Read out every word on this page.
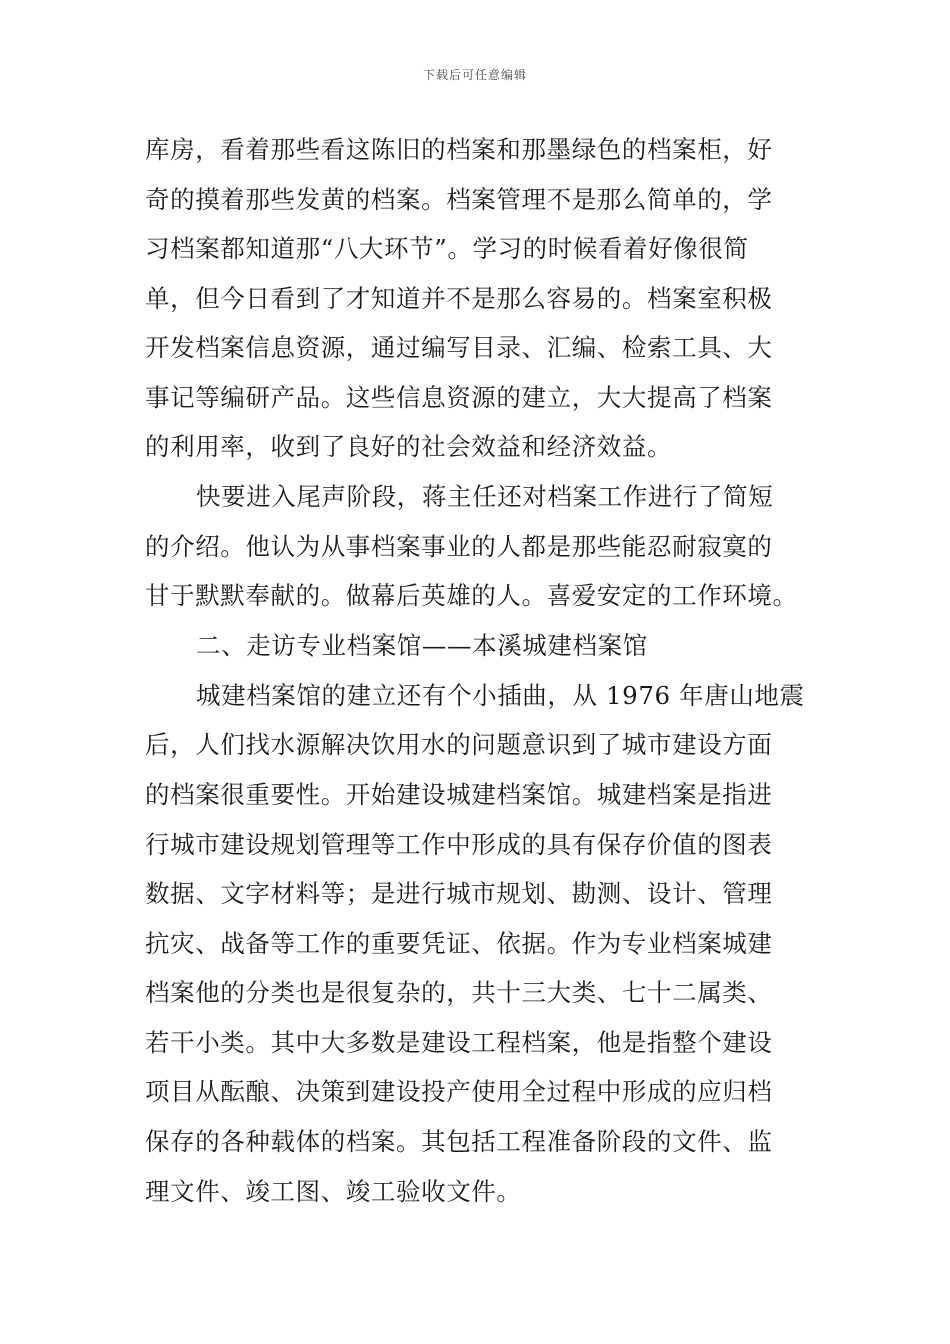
下载后可任意编辑
库房，看着那些看这陈旧的档案和那墨绿色的档案柜，好
奇的摸着那些发黄的档案。档案管理不是那么简单的，学
习档案都知道那“八大环节”。学习的时候看着好像很简
单，但今日看到了才知道并不是那么容易的。档案室积极
开发档案信息资源，通过编写目录、汇编、检索工具、大
事记等编研产品。这些信息资源的建立，大大提高了档案
的利用率，收到了良好的社会效益和经济效益。
快要进入尾声阶段，蒋主任还对档案工作进行了简短
的介绍。他认为从事档案事业的人都是那些能忍耐寂寞的
甘于默默奉献的。做幕后英雄的人。喜爱安定的工作环境。
二、走访专业档案馆——本溪城建档案馆
城建档案馆的建立还有个小插曲，从 1976 年唐山地震
后，人们找水源解决饮用水的问题意识到了城市建设方面
的档案很重要性。开始建设城建档案馆。城建档案是指进
行城市建设规划管理等工作中形成的具有保存价值的图表
数据、文字材料等；是进行城市规划、勘测、设计、管理
抗灾、战备等工作的重要凭证、依据。作为专业档案城建
档案他的分类也是很复杂的，共十三大类、七十二属类、
若干小类。其中大多数是建设工程档案，他是指整个建设
项目从酝酿、决策到建设投产使用全过程中形成的应归档
保存的各种载体的档案。其包括工程准备阶段的文件、监
理文件、竣工图、竣工验收文件。
